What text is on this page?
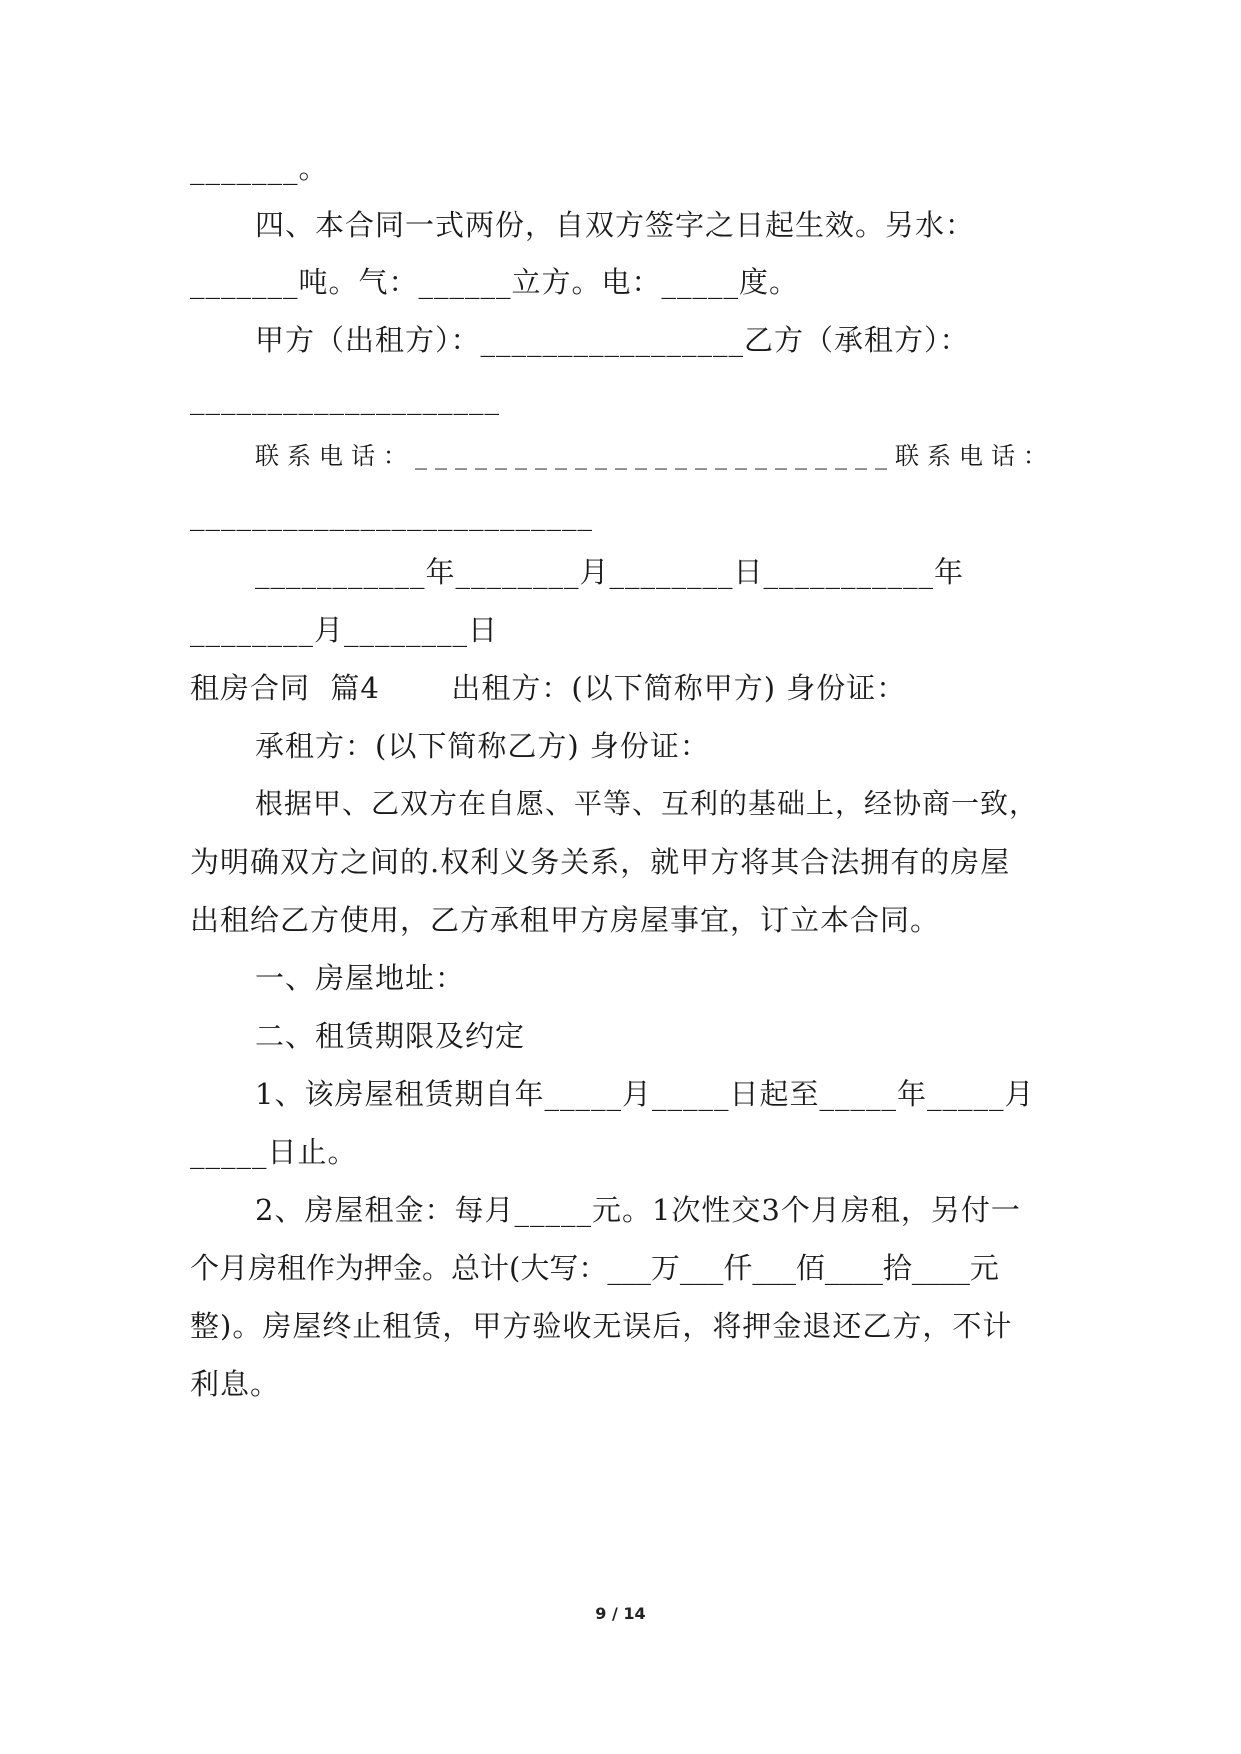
_______。
四、本合同一式两份，自双方签字之日起生效。另水：
_______吨。气：______立方。电：_____度。
甲方（出租方）：_________________乙方（承租方）：
____________________
联系电话：________________________联系电话：
__________________________
___________年________月________日___________年
________月________日
租房合同  篇4       出租方：(以下简称甲方) 身份证：
承租方：(以下简称乙方) 身份证：
根据甲、乙双方在自愿、平等、互利的基础上，经协商一致，
为明确双方之间的.权利义务关系，就甲方将其合法拥有的房屋
出租给乙方使用，乙方承租甲方房屋事宜，订立本合同。
一、房屋地址：
二、租赁期限及约定
1、该房屋租赁期自年_____月_____日起至_____年_____月
_____日止。
2、房屋租金：每月_____元。1次性交3个月房租，另付一
个月房租作为押金。总计(大写：___万___仟___佰____拾____元
整)。房屋终止租赁，甲方验收无误后，将押金退还乙方，不计
利息。
9 / 14
